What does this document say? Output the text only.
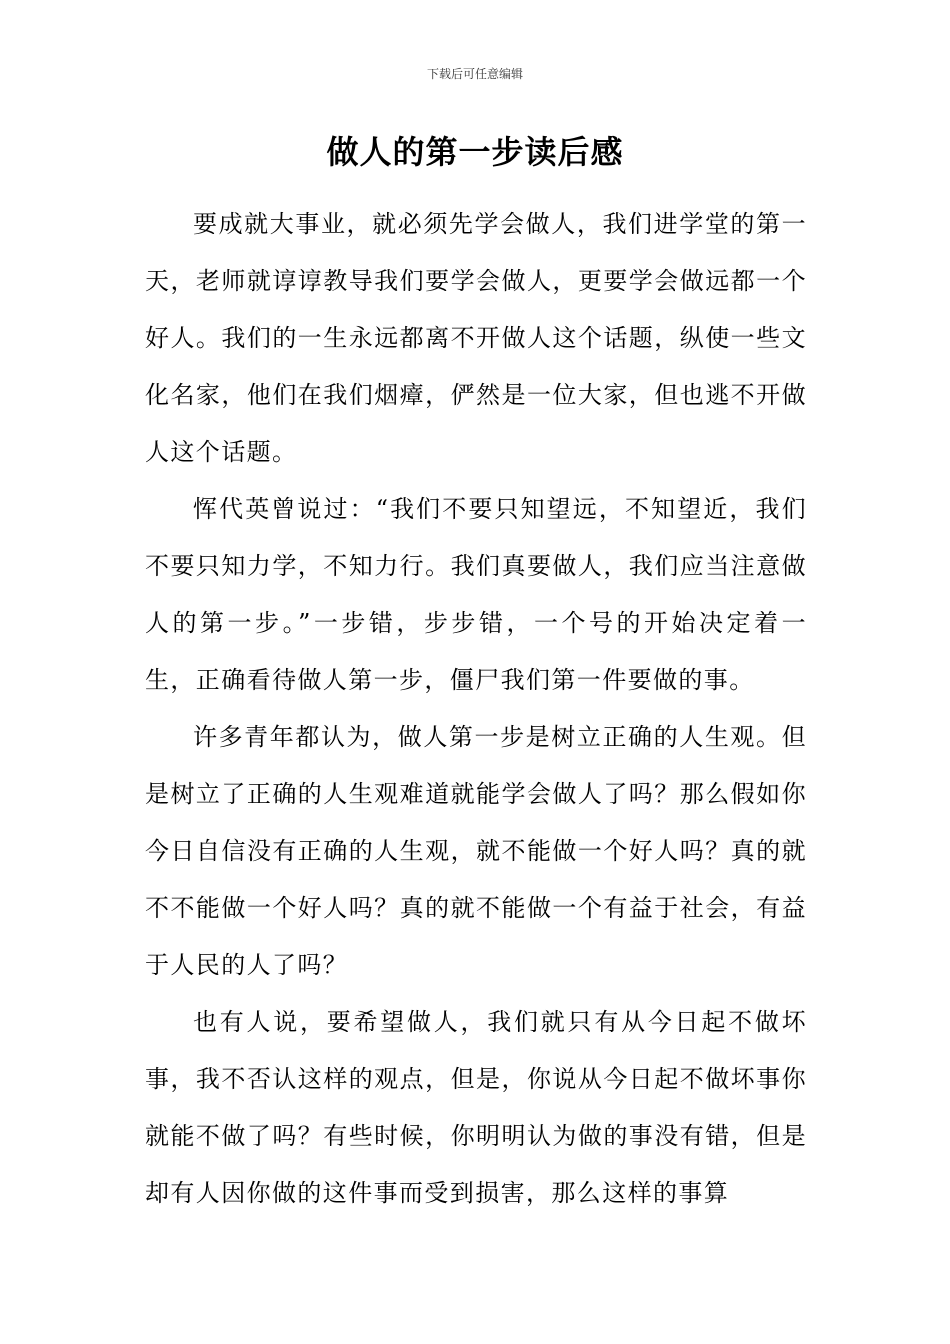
下载后可任意编辑
做人的第一步读后感

要成就大事业，就必须先学会做人，我们进学堂的第一天，老师就谆谆教导我们要学会做人，更要学会做远都一个好人。我们的一生永远都离不开做人这个话题，纵使一些文化名家，他们在我们烟瘴，俨然是一位大家，但也逃不开做人这个话题。

恽代英曾说过：“我们不要只知望远，不知望近，我们不要只知力学，不知力行。我们真要做人，我们应当注意做人的第一步。”一步错，步步错，一个号的开始决定着一生，正确看待做人第一步，僵尸我们第一件要做的事。

许多青年都认为，做人第一步是树立正确的人生观。但是树立了正确的人生观难道就能学会做人了吗？那么假如你今日自信没有正确的人生观，就不能做一个好人吗？真的就不不能做一个好人吗？真的就不能做一个有益于社会，有益于人民的人了吗？

也有人说，要希望做人，我们就只有从今日起不做坏事，我不否认这样的观点，但是，你说从今日起不做坏事你就能不做了吗？有些时候，你明明认为做的事没有错，但是却有人因你做的这件事而受到损害，那么这样的事算
